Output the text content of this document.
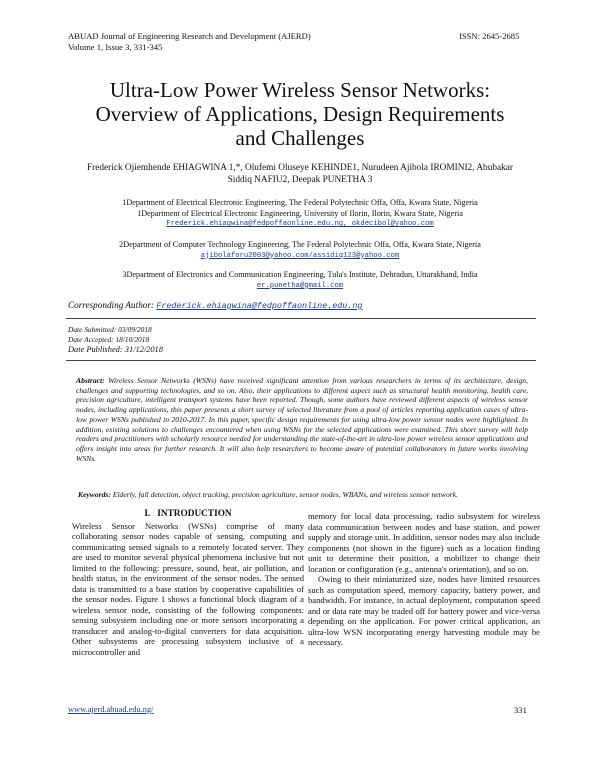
ABUAD Journal of Engineering Research and Development (AJERD)
Volume 1, Issue 3, 331-345
ISSN: 2645-2685
Ultra-Low Power Wireless Sensor Networks:
Overview of Applications, Design Requirements
and Challenges
Frederick Ojiemhende EHIAGWINA 1,*, Olufemi Oluseye KEHINDE1, Nurudeen Ajibola IROMINI2, Abubakar
Siddiq NAFIU2, Deepak PUNETHA 3
1Department of Electrical Electronic Engineering, The Federal Polytechnic Offa, Offa, Kwara State, Nigeria
1Department of Electrical Electronic Engineering, University of Ilorin, Ilorin, Kwara State, Nigeria
Frederick.ehiagwina@fedpoffaonline.edu.ng, okdecibol@yahoo.com
2Department of Computer Technology Engineering, The Federal Polytechnic Offa, Offa, Kwara State, Nigeria
ajibolaforu2003@yahoo.com/assidiq123@yahoo.com
3Department of Electronics and Communication Engineering, Tula's Institute, Dehradun, Uttarakhand, India
er.punetha@gmail.com
Corresponding Author: Frederick.ehiagwina@fedpoffaonline.edu.ng
Date Submitted: 03/09/2018
Date Accepted: 18/10/2018
Date Published: 31/12/2018
Abstract: Wireless Sensor Networks (WSNs) have received significant attention from various researchers in terms of its architecture, design, challenges and supporting technologies, and so on. Also, their applications to different aspect such as structural health monitoring, health care, precision agriculture, intelligent transport systems have been reported. Though, some authors have reviewed different aspects of wireless sensor nodes, including applications, this paper presents a short survey of selected literature from a pool of articles reporting application cases of ultra-low power WSNs published in 2010-2017. In this paper, specific design requirements for using ultra-low power sensor nodes were highlighted. In addition, existing solutions to challenges encountered when using WSNs for the selected applications were examined. This short survey will help readers and practitioners with scholarly resource needed for understanding the state-of-the-art in ultra-low power wireless sensor applications and offers insight into areas for further research. It will also help researchers to become aware of potential collaborators in future works involving WSNs.
Keywords: Elderly, fall detection, object tracking, precision agriculture, sensor nodes, WBANs, and wireless sensor network.
I.   INTRODUCTION

Wireless Sensor Networks (WSNs) comprise of many collaborating sensor nodes capable of sensing, computing and communicating sensed signals to a remotely located server. They are used to monitor several physical phenomena inclusive but not limited to the following: pressure, sound, heat, air pollution, and health status, in the environment of the sensor nodes. The sensed data is transmitted to a base station by cooperative capabilities of the sensor nodes. Figure 1 shows a functional block diagram of a wireless sensor node, consisting of the following components: sensing subsystem including one or more sensors incorporating a transducer and analog-to-digital converters for data acquisition. Other subsystems are processing subsystem inclusive of a microcontroller and

memory for local data processing, radio subsystem for wireless data communication between nodes and base station, and power supply and storage unit. In addition, sensor nodes may also include components (not shown in the figure) such as a location finding unit to determine their position, a mobilizer to change their location or configuration (e.g., antenna's orientation), and so on.

Owing to their miniaturized size, nodes have limited resources such as computation speed, memory capacity, battery power, and bandwidth. For instance, in actual deployment, computation speed and or data rate may be traded off for battery power and vice-versa depending on the application. For power critical application, an ultra-low WSN incorporating energy harvesting module may be necessary.

www.ajerd.abuad.edu.ng/	331
